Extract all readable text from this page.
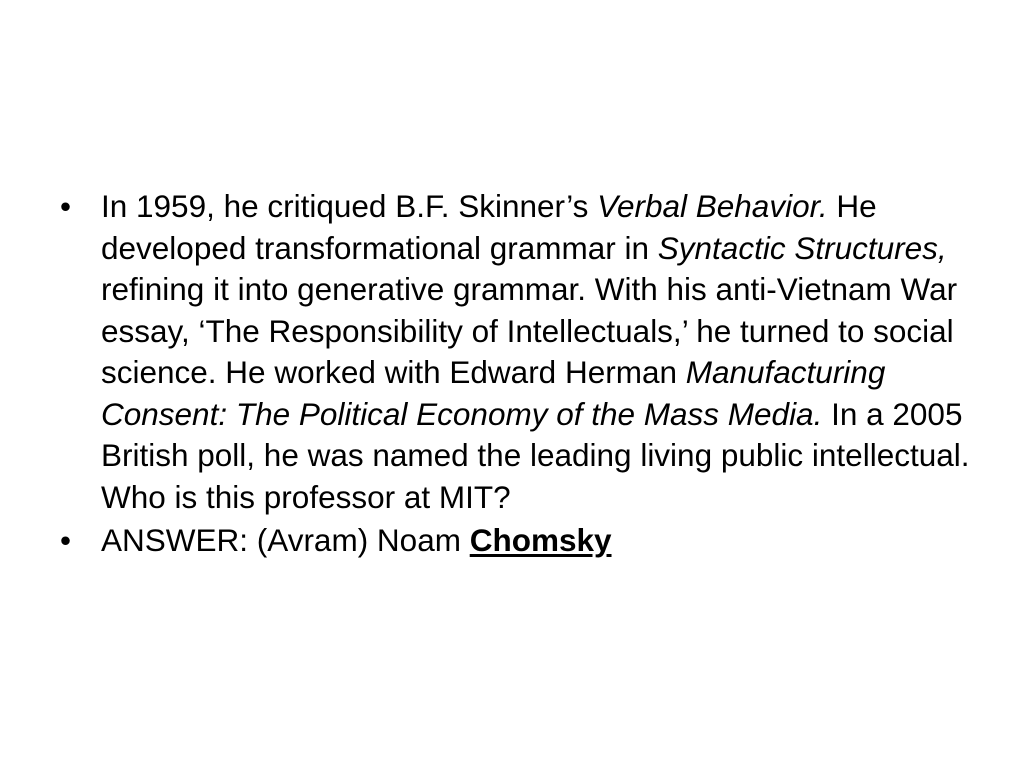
• In 1959, he critiqued B.F. Skinner’s Verbal Behavior. He developed transformational grammar in Syntactic Structures, refining it into generative grammar. With his anti-Vietnam War essay, ‘The Responsibility of Intellectuals,’ he turned to social science. He worked with Edward Herman Manufacturing Consent: The Political Economy of the Mass Media. In a 2005 British poll, he was named the leading living public intellectual. Who is this professor at MIT?
• ANSWER: (Avram) Noam Chomsky
